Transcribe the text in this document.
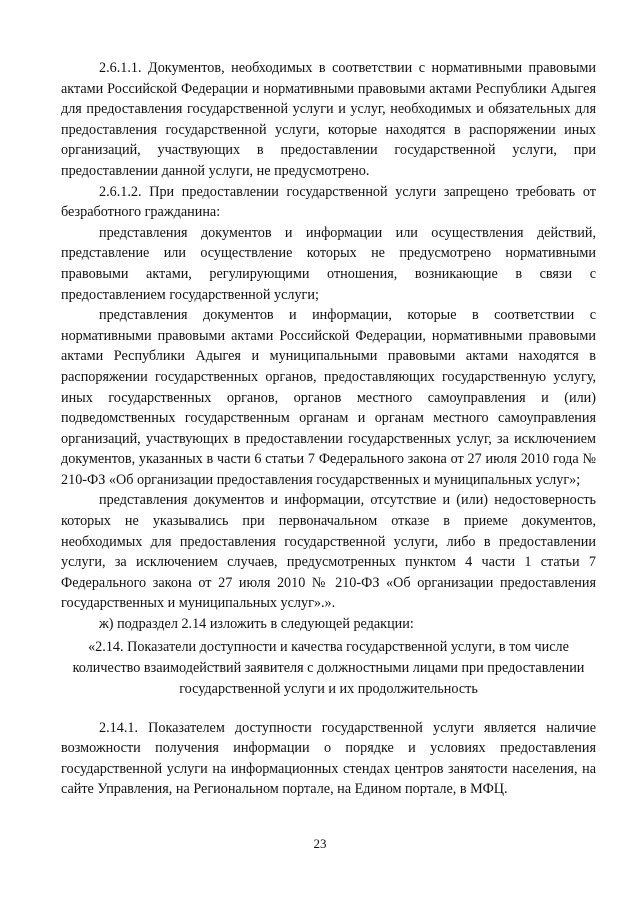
2.6.1.1. Документов, необходимых в соответствии с нормативными правовыми актами Российской Федерации и нормативными правовыми актами Республики Адыгея для предоставления государственной услуги и услуг, необходимых и обязательных для предоставления государственной услуги, которые находятся в распоряжении иных организаций, участвующих в предоставлении государственной услуги, при предоставлении данной услуги, не предусмотрено.

2.6.1.2. При предоставлении государственной услуги запрещено требовать от безработного гражданина:

представления документов и информации или осуществления действий, представление или осуществление которых не предусмотрено нормативными правовыми актами, регулирующими отношения, возникающие в связи с предоставлением государственной услуги;

представления документов и информации, которые в соответствии с нормативными правовыми актами Российской Федерации, нормативными правовыми актами Республики Адыгея и муниципальными правовыми актами находятся в распоряжении государственных органов, предоставляющих государственную услугу, иных государственных органов, органов местного самоуправления и (или) подведомственных государственным органам и органам местного самоуправления организаций, участвующих в предоставлении государственных услуг, за исключением документов, указанных в части 6 статьи 7 Федерального закона от 27 июля 2010 года № 210-ФЗ «Об организации предоставления государственных и муниципальных услуг»;

представления документов и информации, отсутствие и (или) недостоверность которых не указывались при первоначальном отказе в приеме документов, необходимых для предоставления государственной услуги, либо в предоставлении услуги, за исключением случаев, предусмотренных пунктом 4 части 1 статьи 7 Федерального закона от 27 июля 2010 № 210-ФЗ «Об организации предоставления государственных и муниципальных услуг».».

ж) подраздел 2.14 изложить в следующей редакции:

«2.14. Показатели доступности и качества государственной услуги, в том числе количество взаимодействий заявителя с должностными лицами при предоставлении государственной услуги и их продолжительность

2.14.1. Показателем доступности государственной услуги является наличие возможности получения информации о порядке и условиях предоставления государственной услуги на информационных стендах центров занятости населения, на сайте Управления, на Региональном портале, на Едином портале, в МФЦ.

23
